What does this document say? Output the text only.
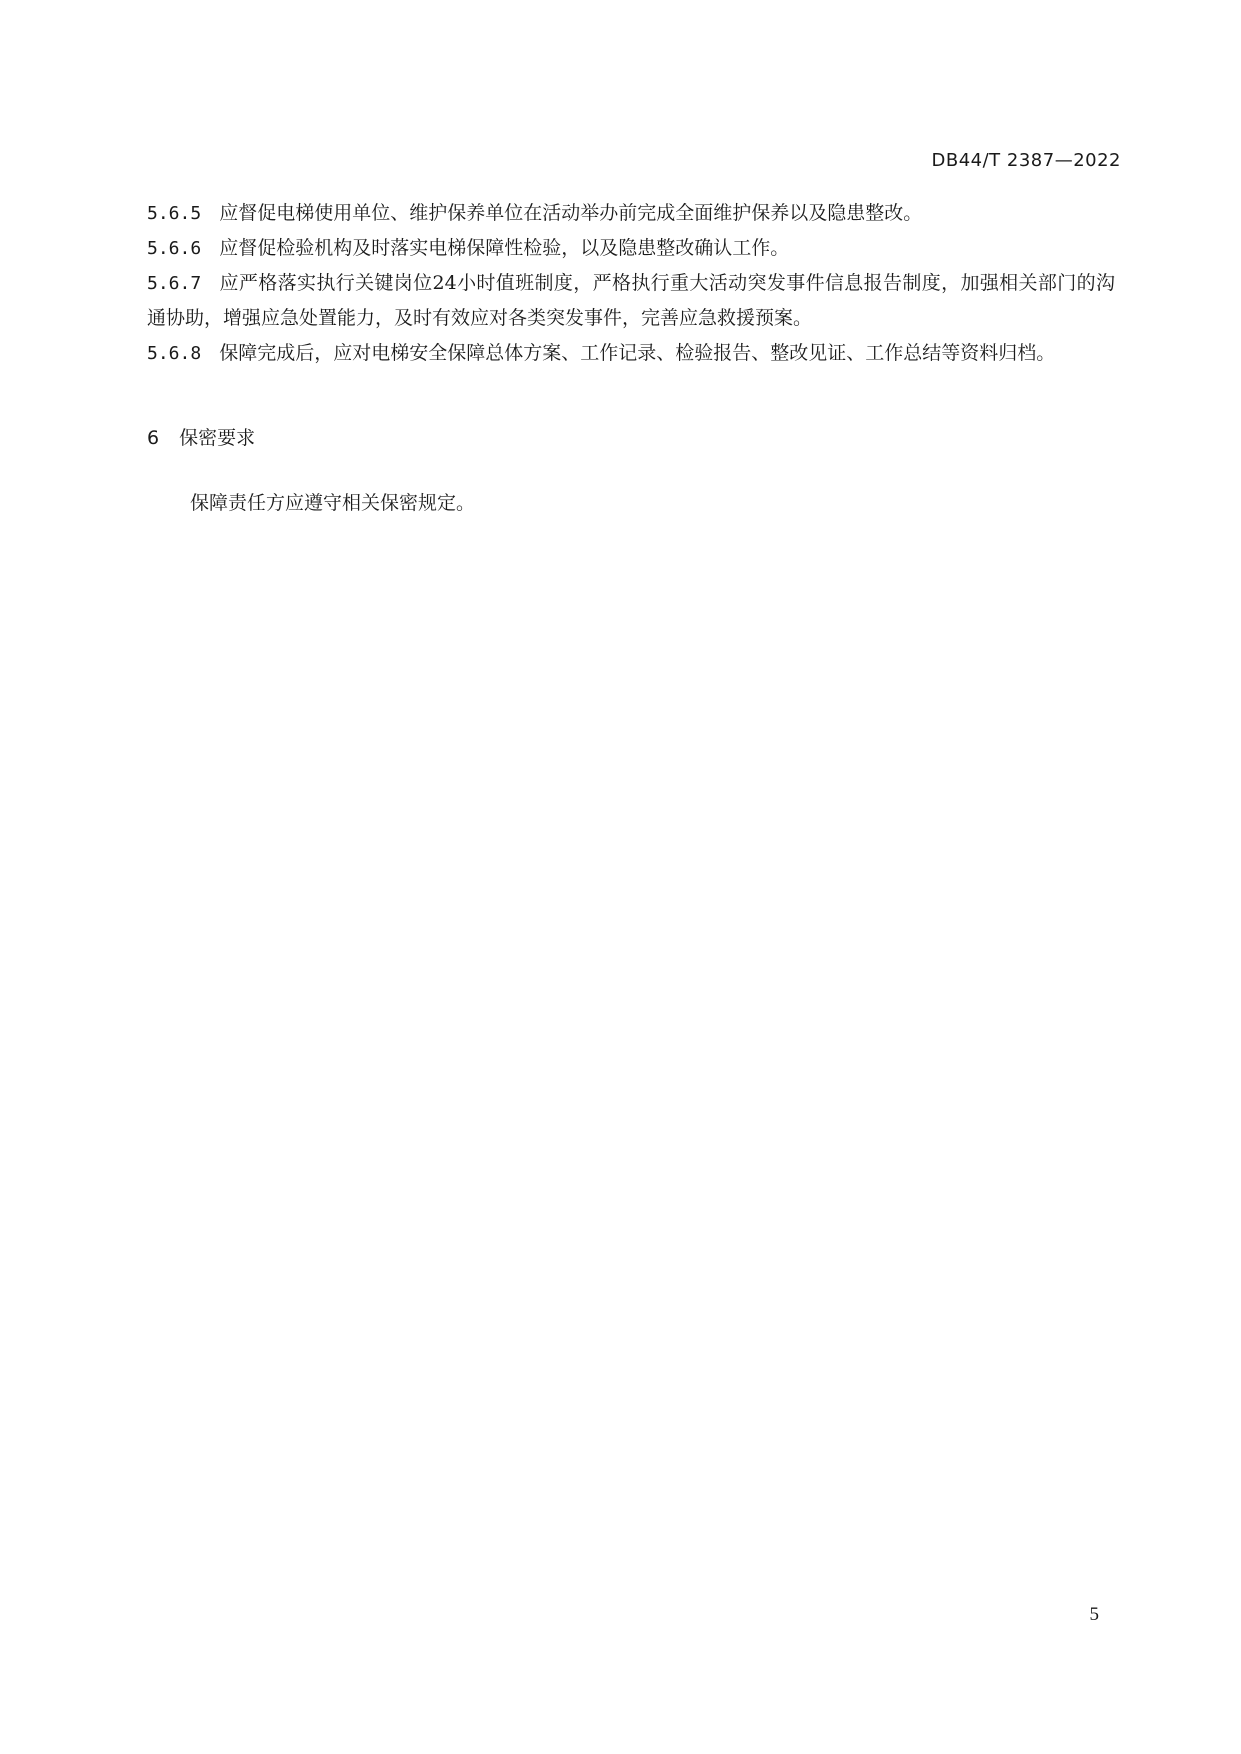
DB44/T 2387—2022

5.6.5 应督促电梯使用单位、维护保养单位在活动举办前完成全面维护保养以及隐患整改。

5.6.6 应督促检验机构及时落实电梯保障性检验，以及隐患整改确认工作。

5.6.7 应严格落实执行关键岗位24小时值班制度，严格执行重大活动突发事件信息报告制度，加强相关部门的沟通协助，增强应急处置能力，及时有效应对各类突发事件，完善应急救援预案。

5.6.8 保障完成后，应对电梯安全保障总体方案、工作记录、检验报告、整改见证、工作总结等资料归档。

6 保密要求
保障责任方应遵守相关保密规定。
5
